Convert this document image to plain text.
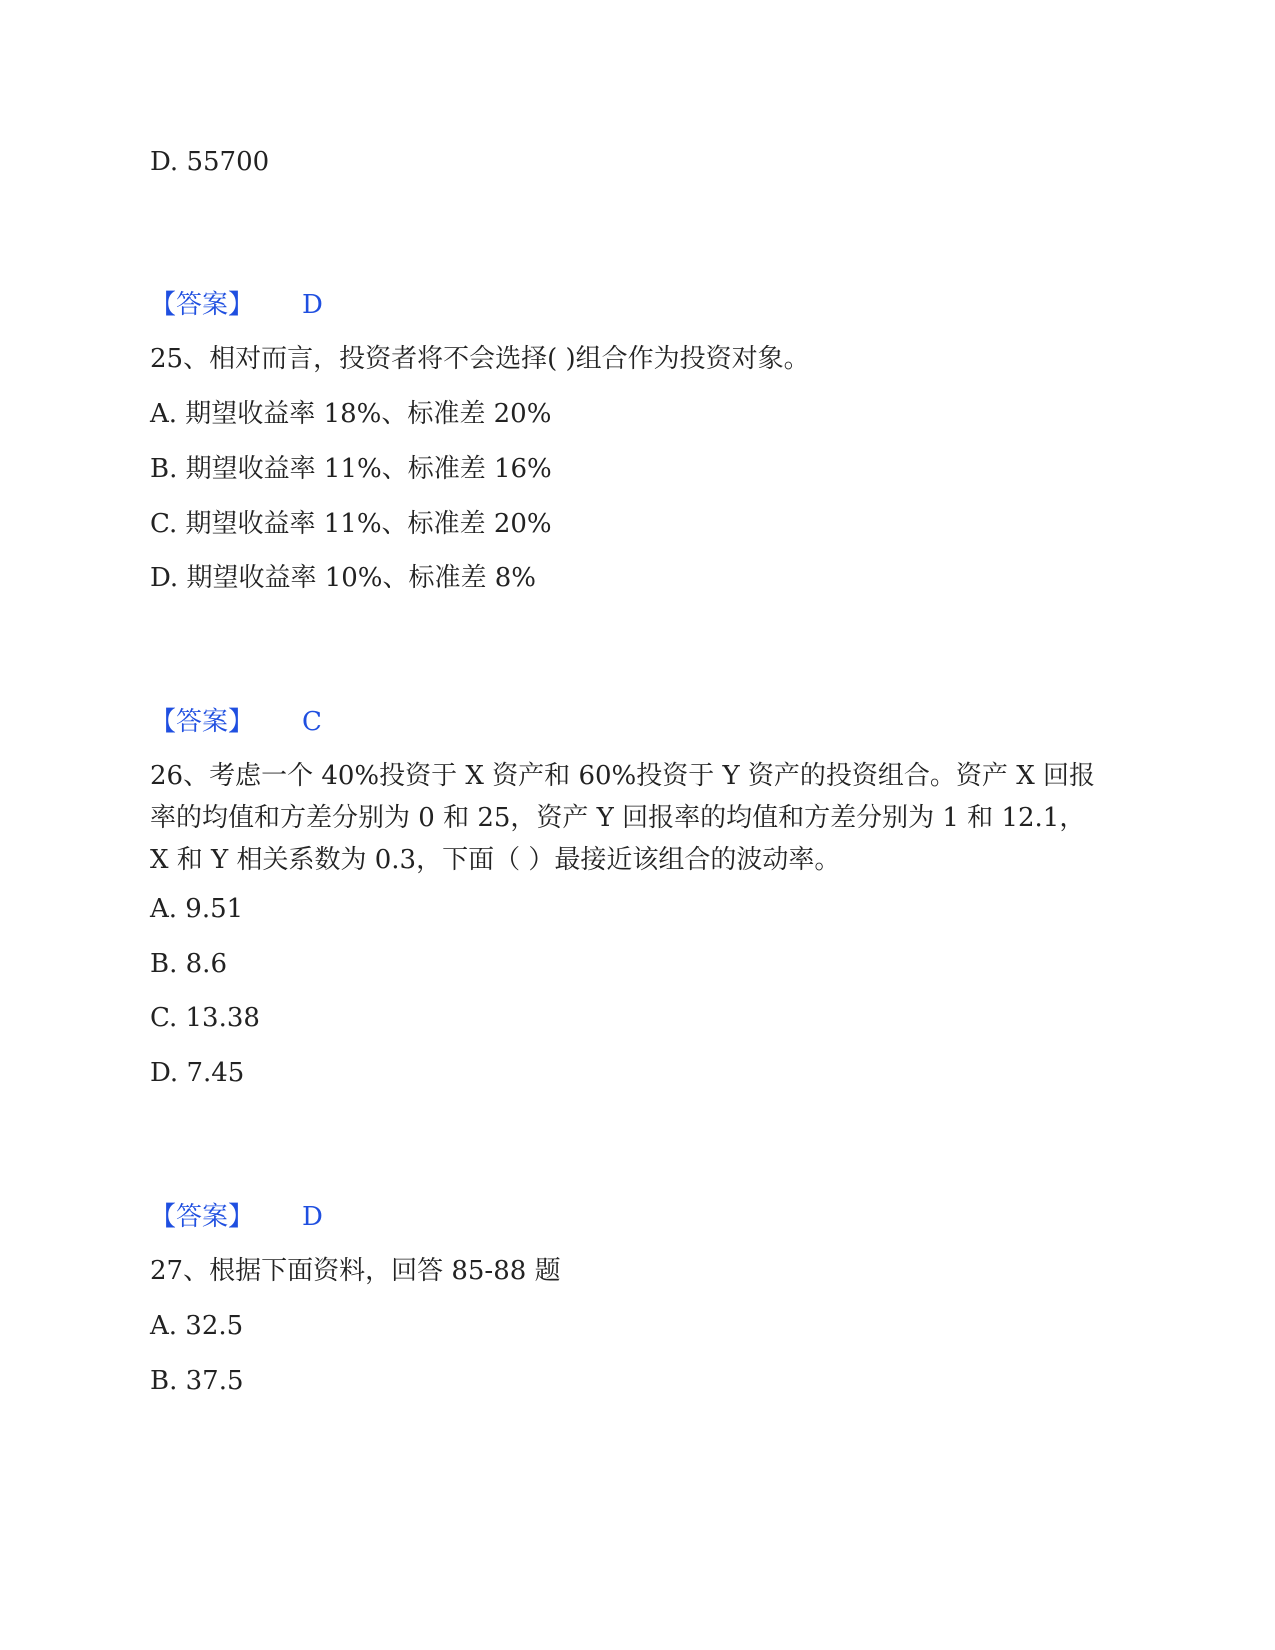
D. 55700
【答案】 D
25、相对而言，投资者将不会选择( )组合作为投资对象。
A. 期望收益率 18%、标准差 20%
B. 期望收益率 11%、标准差 16%
C. 期望收益率 11%、标准差 20%
D. 期望收益率 10%、标准差 8%
【答案】 C
26、考虑一个 40%投资于 X 资产和 60%投资于 Y 资产的投资组合。资产 X 回报率的均值和方差分别为 0 和 25，资产 Y 回报率的均值和方差分别为 1 和 12.1，X 和 Y 相关系数为 0.3，下面（ ）最接近该组合的波动率。
A. 9.51
B. 8.6
C. 13.38
D. 7.45
【答案】 D
27、根据下面资料，回答 85-88 题
A. 32.5
B. 37.5
